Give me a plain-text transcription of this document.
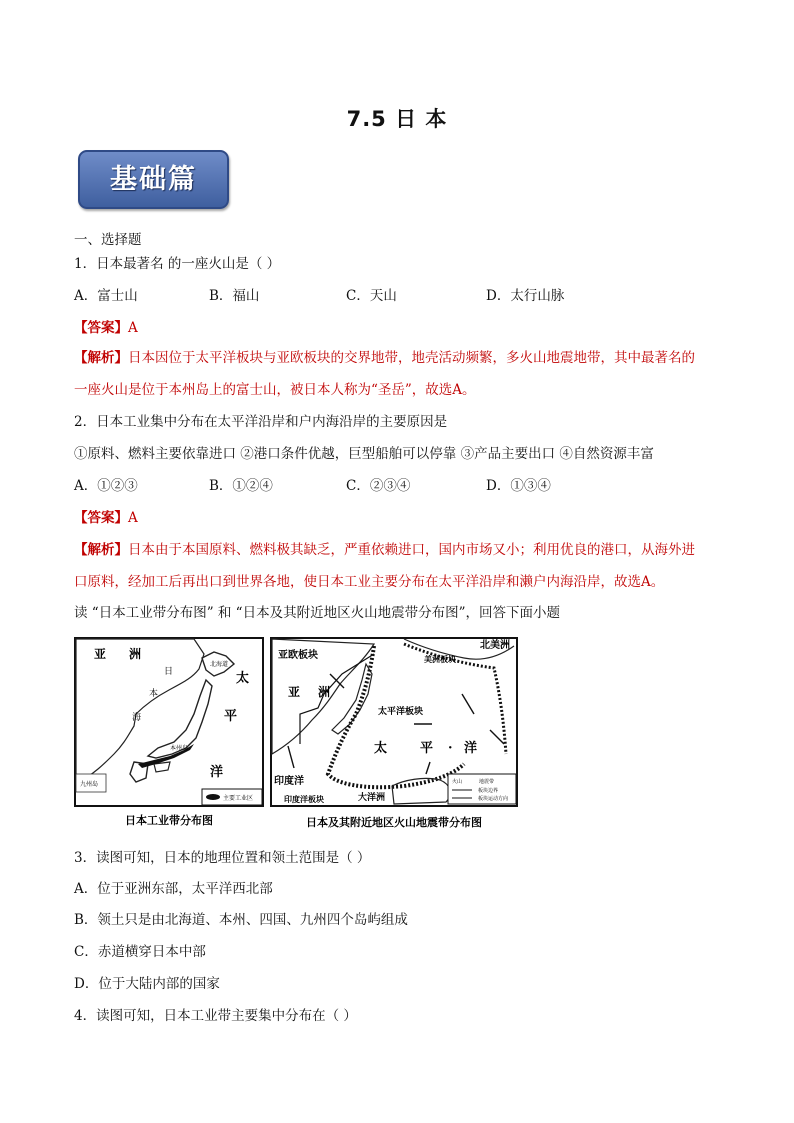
7.5 日 本
基础篇
一、选择题
1．日本最著名 的一座火山是（ ）
A．富士山	B．福山	C．天山	D．太行山脉
【答案】A
【解析】日本因位于太平洋板块与亚欧板块的交界地带，地壳活动频繁，多火山地震地带，其中最著名的
一座火山是位于本州岛上的富士山，被日本人称为“圣岳”，故选A。
2．日本工业集中分布在太平洋沿岸和户内海沿岸的主要原因是
①原料、燃料主要依靠进口 ②港口条件优越，巨型船舶可以停靠 ③产品主要出口 ④自然资源丰富
A．①②③	B．①②④	C．②③④	D．①③④
【答案】A
【解析】日本由于本国原料、燃料极其缺乏，严重依赖进口，国内市场又小；利用优良的港口，从海外进
口原料，经加工后再出口到世界各地，使日本工业主要分布在太平洋沿岸和濑户内海沿岸，故选A。
读 “日本工业带分布图” 和 “日本及其附近地区火山地震带分布图”，回答下面小题
亚 洲
日
本
海
北海道
太
平
洋
本州岛
九州岛
主要工业区
火山	地震带
板块边界
板块运动方向
亚欧板块
北美洲
美洲板块
亚 洲
太平洋板块
太	平 · 洋
印度洋
印度洋板块	大洋洲
日本工业带分布图	日本及其附近地区火山地震带分布图
3．读图可知，日本的地理位置和领土范围是（ ）
A．位于亚洲东部，太平洋西北部
B．领土只是由北海道、本州、四国、九州四个岛屿组成
C．赤道横穿日本中部
D．位于大陆内部的国家
4．读图可知，日本工业带主要集中分布在（ ）
